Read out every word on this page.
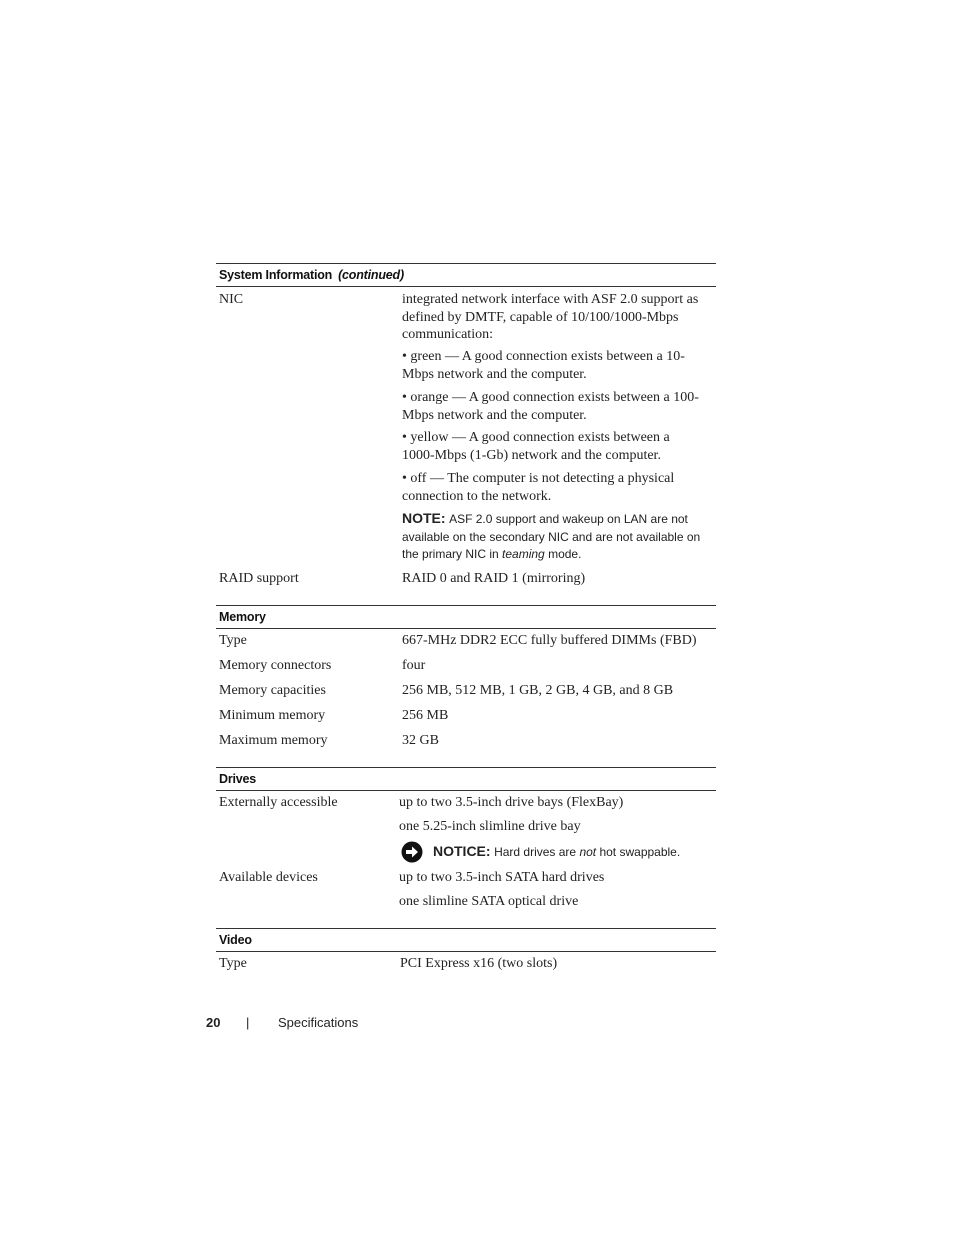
System Information (continued)
NIC	integrated network interface with ASF 2.0 support as defined by DMTF, capable of 10/100/1000-Mbps communication:
• green — A good connection exists between a 10-Mbps network and the computer.
• orange — A good connection exists between a 100-Mbps network and the computer.
• yellow — A good connection exists between a 1000-Mbps (1-Gb) network and the computer.
• off — The computer is not detecting a physical connection to the network.
NOTE: ASF 2.0 support and wakeup on LAN are not available on the secondary NIC and are not available on the primary NIC in teaming mode.
RAID support	RAID 0 and RAID 1 (mirroring)
Memory
Type	667-MHz DDR2 ECC fully buffered DIMMs (FBD)
Memory connectors	four
Memory capacities	256 MB, 512 MB, 1 GB, 2 GB, 4 GB, and 8 GB
Minimum memory	256 MB
Maximum memory	32 GB
Drives
Externally accessible	up to two 3.5-inch drive bays (FlexBay)
one 5.25-inch slimline drive bay
NOTICE: Hard drives are not hot swappable.
Available devices	up to two 3.5-inch SATA hard drives
one slimline SATA optical drive
Video
Type	PCI Express x16 (two slots)
20 | Specifications
